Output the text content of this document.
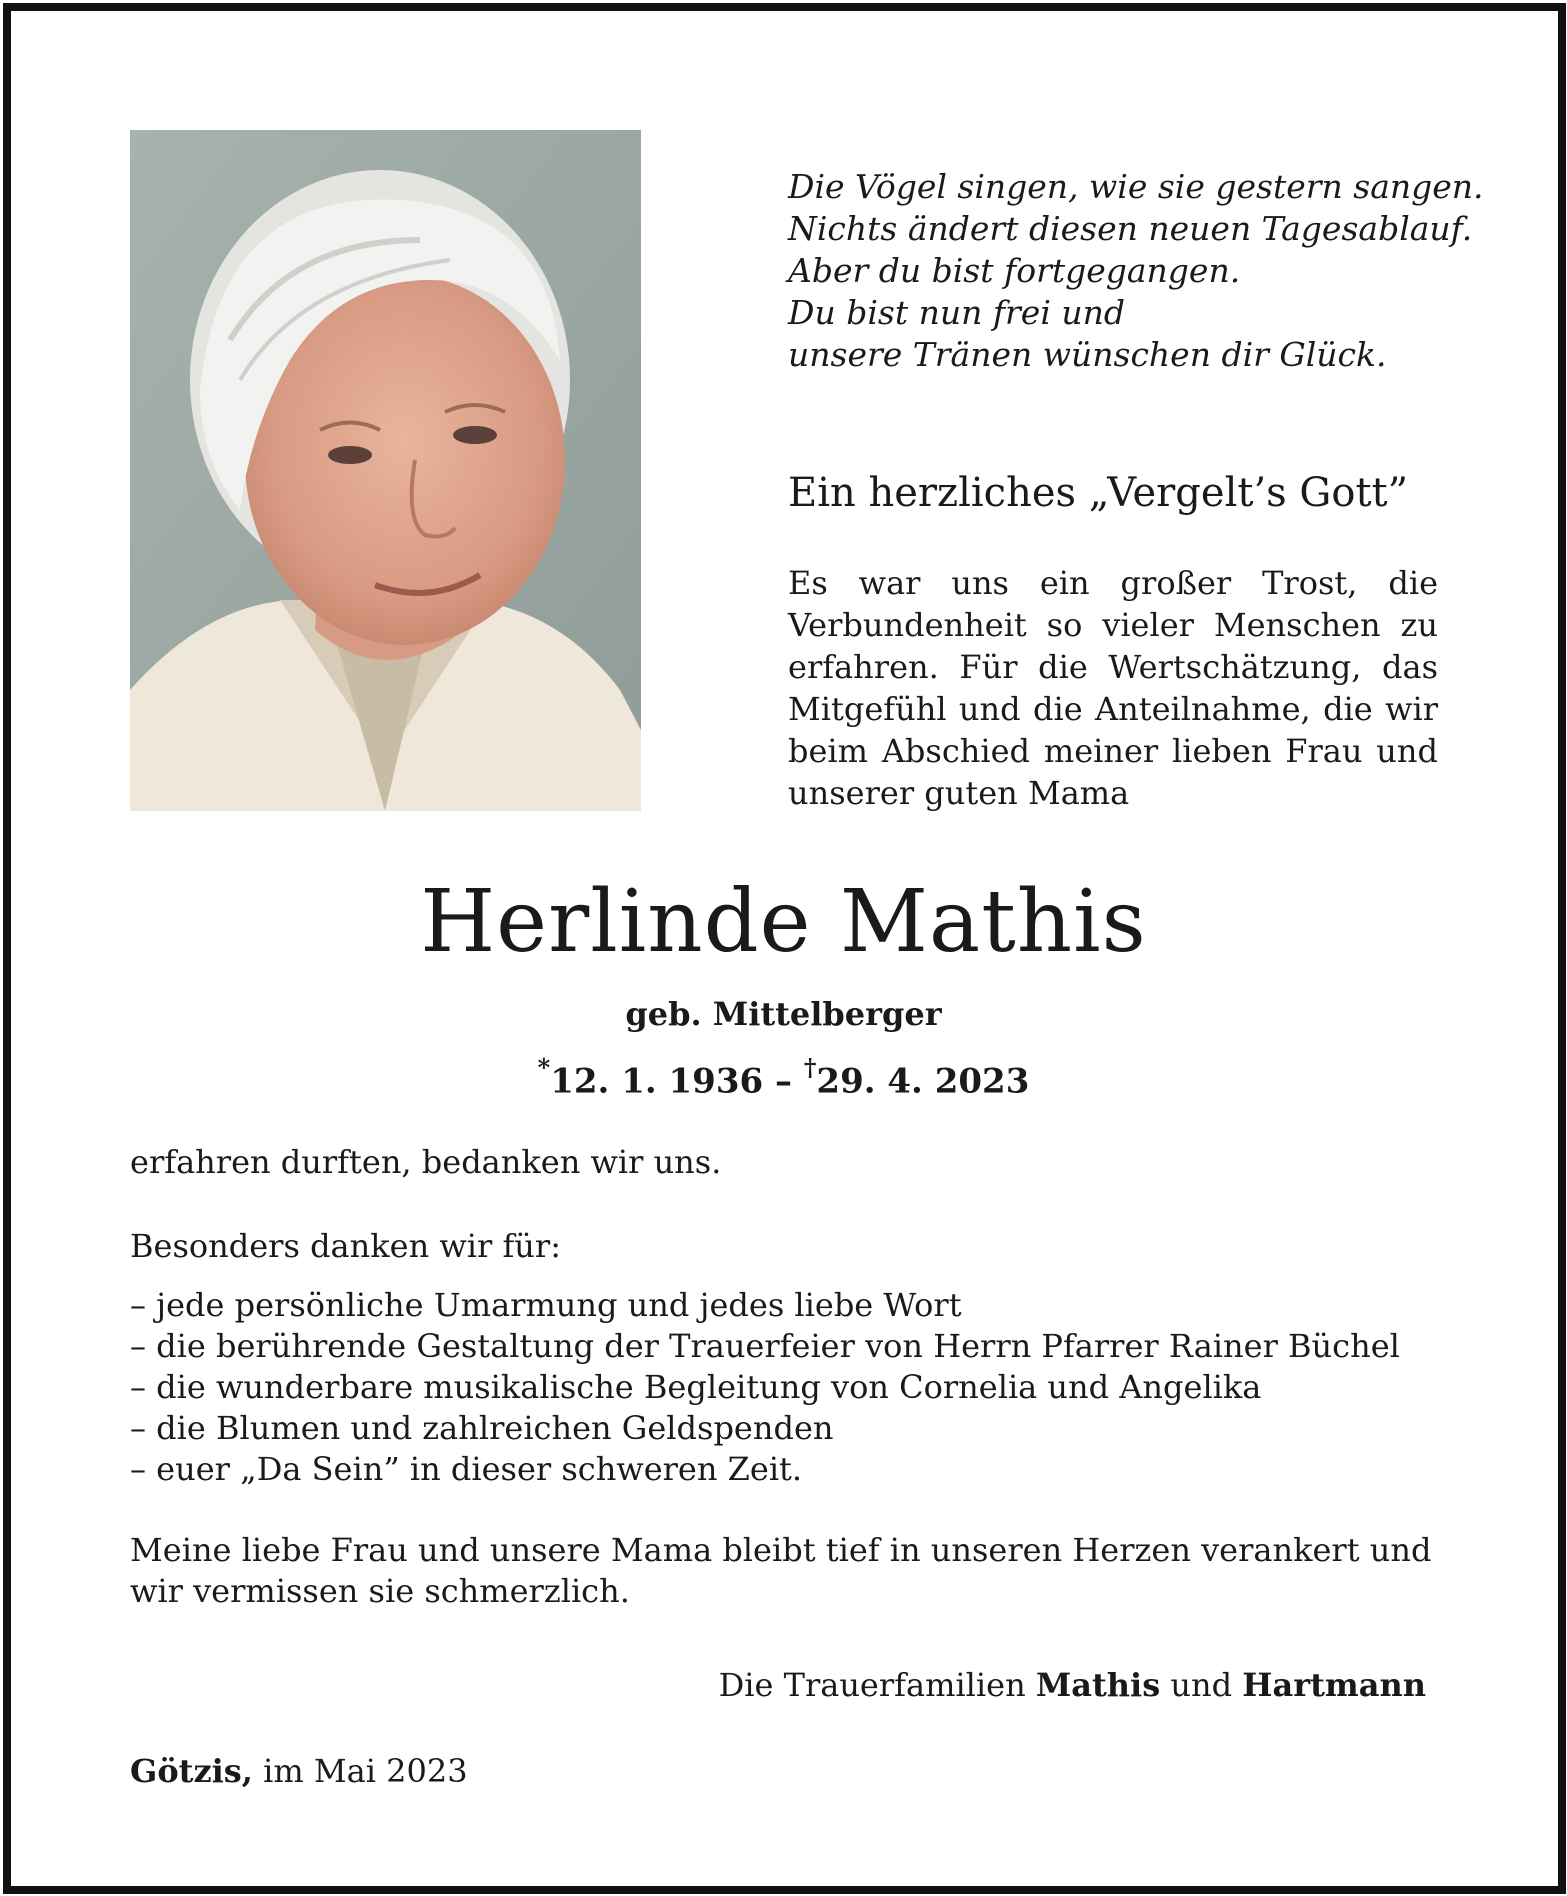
Die Vögel singen, wie sie gestern sangen.
Nichts ändert diesen neuen Tagesablauf.
Aber du bist fortgegangen.
Du bist nun frei und
unsere Tränen wünschen dir Glück.
Ein herzliches „Vergelt’s Gott”
Es war uns ein großer Trost, die Verbundenheit so vieler Menschen zu erfahren. Für die Wertschätzung, das Mitgefühl und die Anteilnahme, die wir beim Abschied meiner lieben Frau und unserer guten Mama
Herlinde Mathis
geb. Mittelberger
*12. 1. 1936 – †29. 4. 2023
erfahren durften, bedanken wir uns.
Besonders danken wir für:
– jede persönliche Umarmung und jedes liebe Wort
– die berührende Gestaltung der Trauerfeier von Herrn Pfarrer Rainer Büchel
– die wunderbare musikalische Begleitung von Cornelia und Angelika
– die Blumen und zahlreichen Geldspenden
– euer „Da Sein” in dieser schweren Zeit.
Meine liebe Frau und unsere Mama bleibt tief in unseren Herzen verankert und wir vermissen sie schmerzlich.
Die Trauerfamilien Mathis und Hartmann
Götzis, im Mai 2023
